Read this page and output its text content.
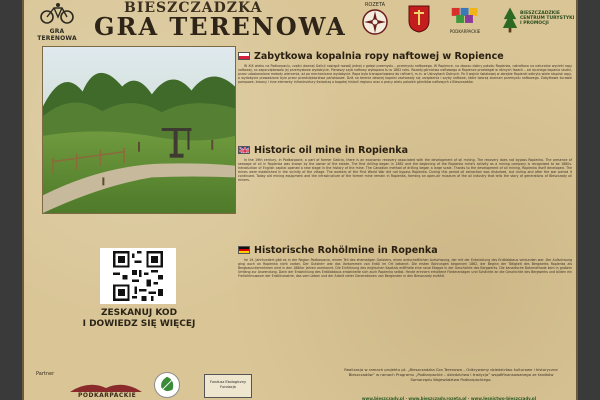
GRA TERENOWA
BIESZCZADZKA
GRA TERENOWA
ROZETA
PODKARPACKIE
BIESZCZADZKIE CENTRUM TURYSTYKI I PROMOCJI
ZESKANUJ KOD
I DOWIEDZ SIĘ WIĘCEJ
Zabytkowa kopalnia ropy naftowej w Ropience

W XIX wieku na Podkarpaciu, części dawnej Galicji nastąpił rozwój jednej z gałęzi przemysłu – przemysłu naftowego. W Ropience, na zboczu doliny potoku Ropienka, natrafiono na naturalne wycieki ropy naftowej, co zapoczątkowało jej przemysłowe wydobycie. Pierwszy szyb naftowy wykopano tu w 1862 roku. Rozwój górnictwa naftowego w Ropience przebiegał w różnych fazach – od ręcznego kopania studni, przez udoskonalone metody wiercenia, aż po mechaniczne wydobycie. Ropa była transportowana do rafinerii, m.in. w Ustrzykach Dolnych. Po II wojnie światowej w obrębie Ropienki odkryto wiele skupisk ropy, a wydobycie prowadzone było przez przedsiębiorstwa państwowe. Dziś na terenie dawnej kopalni zachowały się urządzenia i szyby naftowe, które tworzą skansen przemysłu naftowego. Zabytkowe żurawie pompowe, kiwony i inne elementy infrastruktury świadczą o bogatej historii regionu oraz o pracy wielu pokoleń górników naftowych z Bieszczadów.

Historic oil mine in Ropienka

In the 19th century, in Podkarpacie, a part of former Galicia, there is an economic recovery associated with the development of oil mining. The recovery does not bypass Ropienka. The presence of seepage of oil in Ropienka was known by the owner of the estate. The first drilling began in 1862 and the beginning of the Ropienka mine's activity as a mining company is recognized to be 1880s. Introduction of English capital opened a new stage in the history of the mine. The Canadian method of drilling began a large scale. Thanks to the development of oil mining, Ropienka itself developed. The mines were established in the vicinity of the village. The workers of the First World War did not bypass Ropienka. During this period oil extraction was disturbed, but during and after the war period it continued. Today old mining equipment and the infrastructure of the former mine remain in Ropienka, forming an open-air museum of the oil industry that tells the story of generations of Bieszczady oil miners.

Historische Rohölmine in Ropenka

Im 19. Jahrhundert gibt es in der Region Podkarpacie, einem Teil des ehemaligen Galiziens, einen wirtschaftlichen Aufschwung, der mit der Entwicklung des Erdölabbaus verbunden war. Der Aufschwung ging auch an Ropienka nicht vorbei. Der Gutsherr war das Vorkommen von Erdöl im Ort bekannt. Die ersten Bohrungen begannen 1862, der Beginn der Tätigkeit des Bergwerks Ropienka als Bergbauunternehmen wird in den 1880er Jahren anerkannt. Die Einführung des englischen Kapitals eröffnete eine neue Etappe in der Geschichte des Bergwerks. Die kanadische Bohrmethode kam in großem Umfang zur Anwendung. Dank der Entwicklung des Erdölabbaus entwickelte sich auch Ropienka selbst. Heute erinnern erhaltene Förderanlagen und Schächte an die Geschichte des Bergwerks und bilden ein Freilichtmuseum der Erdölindustrie, das vom Leben und der Arbeit vieler Generationen von Bergleuten in den Bieszczady erzählt.

Partner
PODKARPACKIE
Fundusz Ekologiczny Fundacja
Realizacja w ramach projektu pt. „Bieszczadzka Gra Terenowa – Odkrywamy dziedzictwo kulturowe i historyczne Bieszczadów” w ramach Programu „Podkarpackie – dziedzictwo i tradycja” współfinansowanego ze środków Samorządu Województwa Podkarpackiego.
www.bieszczady.pl · www.bieszczady.rozeta.pl · www.lesnictwo-bieszczady.pl
